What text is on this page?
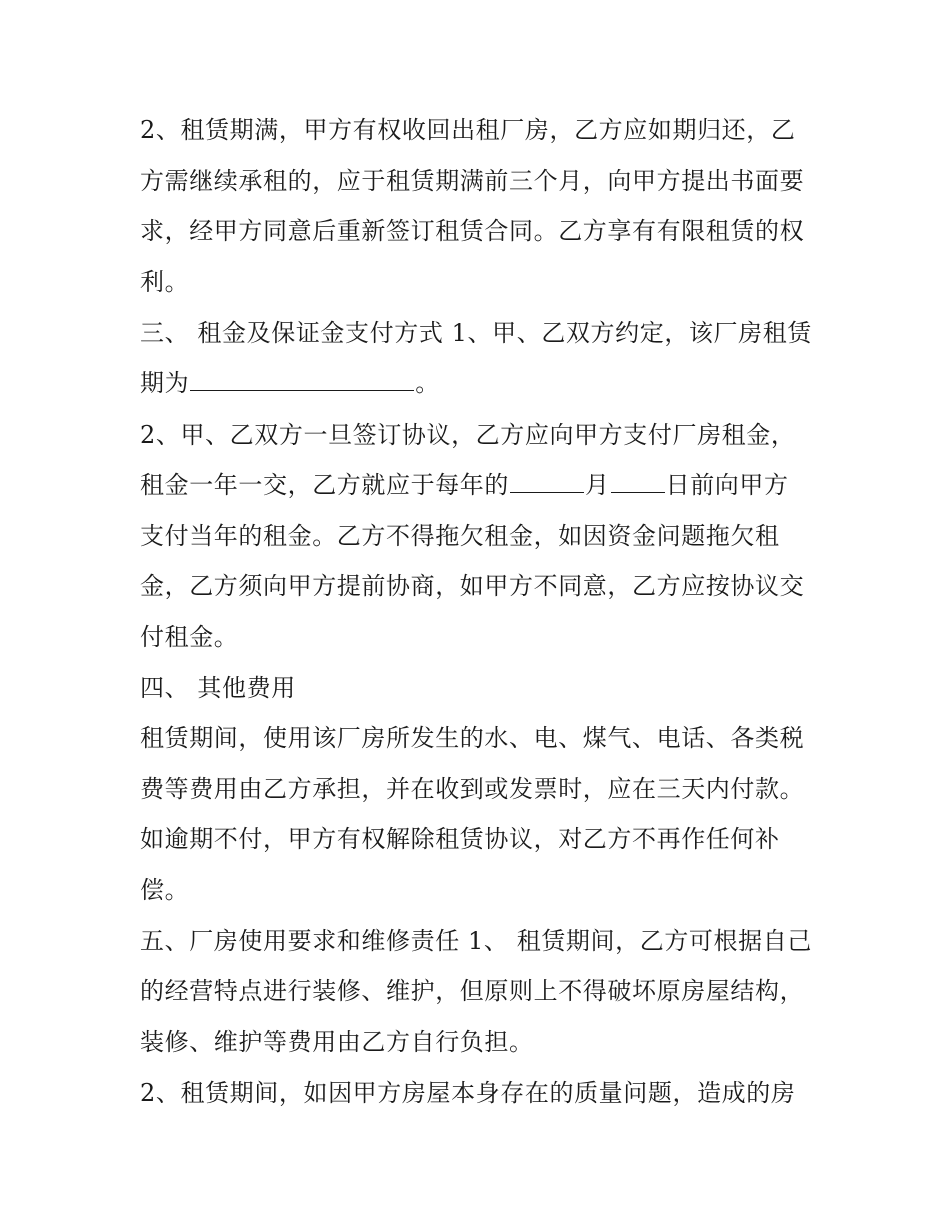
2、租赁期满，甲方有权收回出租厂房，乙方应如期归还，乙
方需继续承租的，应于租赁期满前三个月，向甲方提出书面要
求，经甲方同意后重新签订租赁合同。乙方享有有限租赁的权
利。
三、 租金及保证金支付方式 1、甲、乙双方约定，该厂房租赁
期为	。
2、甲、乙双方一旦签订协议，乙方应向甲方支付厂房租金，
租金一年一交，乙方就应于每年的	月 日前向甲方
支付当年的租金。乙方不得拖欠租金，如因资金问题拖欠租
金，乙方须向甲方提前协商，如甲方不同意，乙方应按协议交
付租金。
四、 其他费用
租赁期间，使用该厂房所发生的水、电、煤气、电话、各类税
费等费用由乙方承担，并在收到或发票时，应在三天内付款。
如逾期不付，甲方有权解除租赁协议，对乙方不再作任何补
偿。
五、厂房使用要求和维修责任 1、 租赁期间，乙方可根据自己
的经营特点进行装修、维护，但原则上不得破坏原房屋结构，
装修、维护等费用由乙方自行负担。
2、租赁期间，如因甲方房屋本身存在的质量问题，造成的房
